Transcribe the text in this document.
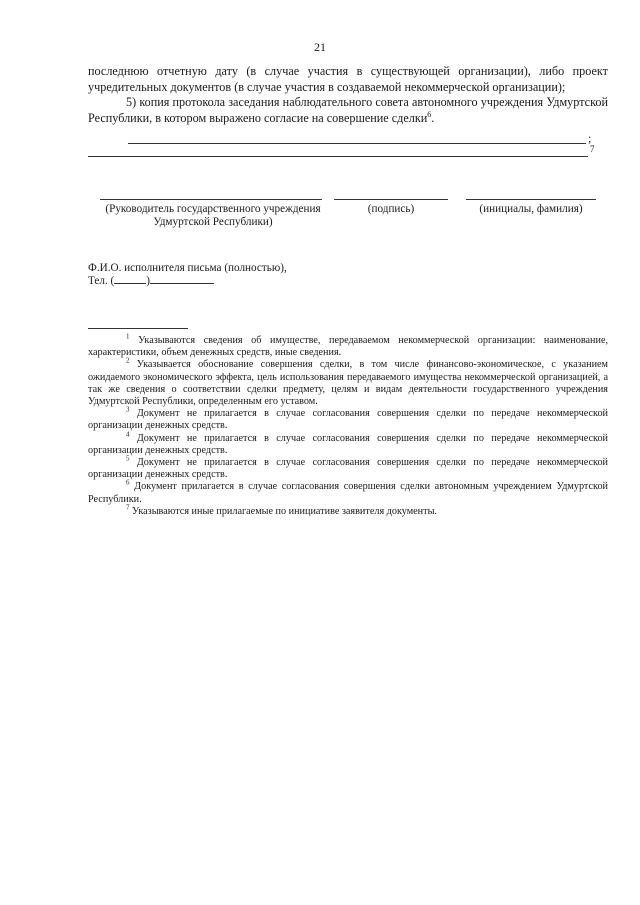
21

последнюю отчетную дату (в случае участия в существующей организации), либо проект учредительных документов (в случае участия в создаваемой некоммерческой организации);

5) копия протокола заседания наблюдательного совета автономного учреждения Удмуртской Республики, в котором выражено согласие на совершение сделки$^6$.

;
7
(Руководитель государственного учреждения Удмуртской Республики)
(подпись)	(инициалы, фамилия)
Ф.И.О. исполнителя письма (полностью),
Тел. (	)

$^1$ Указываются сведения об имуществе, передаваемом некоммерческой организации: наименование, характеристики, объем денежных средств, иные сведения.

$^2$ Указывается обоснование совершения сделки, в том числе финансово-экономическое, с указанием ожидаемого экономического эффекта, цель использования передаваемого имущества некоммерческой организацией, а так же сведения о соответствии сделки предмету, целям и видам деятельности государственного учреждения Удмуртской Республики, определенным его уставом.

$^3$ Документ не прилагается в случае согласования совершения сделки по передаче некоммерческой организации денежных средств.

$^4$ Документ не прилагается в случае согласования совершения сделки по передаче некоммерческой организации денежных средств.

$^5$ Документ не прилагается в случае согласования совершения сделки по передаче некоммерческой организации денежных средств.

$^6$ Документ прилагается в случае согласования совершения сделки автономным учреждением Удмуртской Республики.

$^7$ Указываются иные прилагаемые по инициативе заявителя документы.
